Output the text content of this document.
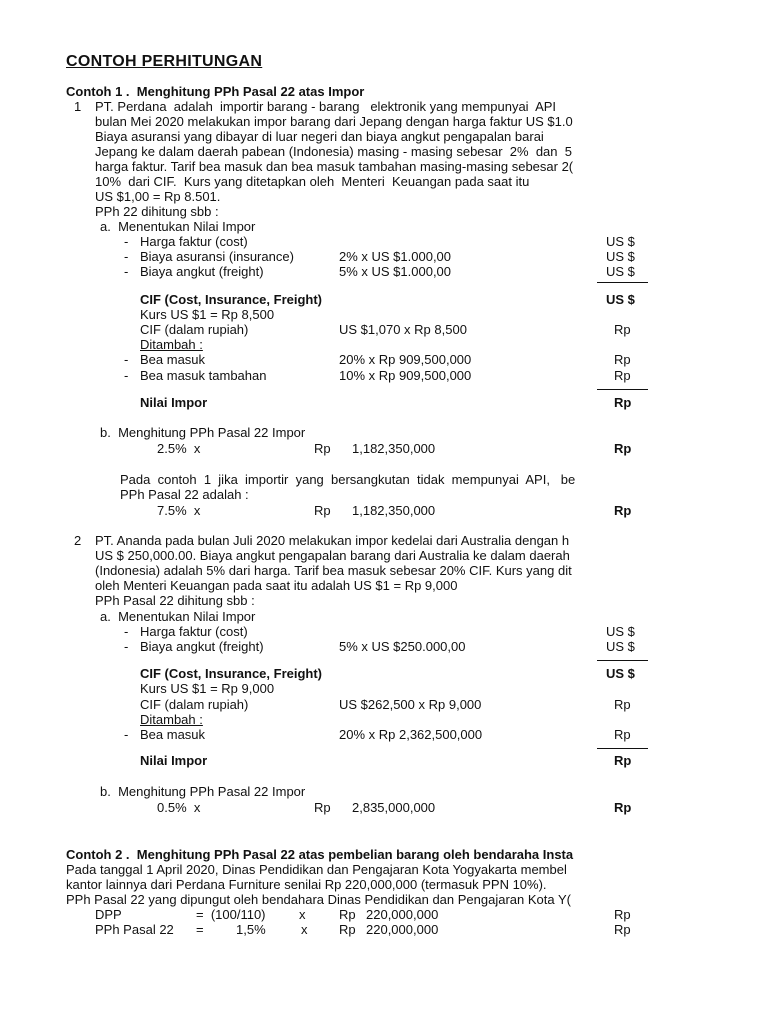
CONTOH PERHITUNGAN
Contoh 1 .  Menghitung PPh Pasal 22 atas Impor
1 PT. Perdana  adalah  importir barang - barang   elektronik yang mempunyai  API
bulan Mei 2020 melakukan impor barang dari Jepang dengan harga faktur US $1.0
Biaya asuransi yang dibayar di luar negeri dan biaya angkut pengapalan barai
Jepang ke dalam daerah pabean (Indonesia) masing - masing sebesar  2%  dan  5
harga faktur. Tarif bea masuk dan bea masuk tambahan masing-masing sebesar 2(
10%  dari CIF.  Kurs yang ditetapkan oleh  Menteri  Keuangan pada saat itu
US $1,00 = Rp 8.501.
PPh 22 dihitung sbb :
a.  Menentukan Nilai Impor
- Harga faktur (cost)	US $
- Biaya asuransi (insurance)	2% x US $1.000,00	US $
- Biaya angkut (freight)	5% x US $1.000,00	US $
CIF (Cost, Insurance, Freight)	US $
Kurs US $1 = Rp 8,500
CIF (dalam rupiah)	US $1,070 x Rp 8,500	Rp
Ditambah :
- Bea masuk	20% x Rp 909,500,000	Rp
- Bea masuk tambahan	10% x Rp 909,500,000	Rp
Nilai Impor	Rp
b.  Menghitung PPh Pasal 22 Impor
2.5%  x	Rp 1,182,350,000	Rp
Pada  contoh  1  jika  importir  yang  bersangkutan  tidak  mempunyai  API,   be
PPh Pasal 22 adalah :
7.5%  x	Rp 1,182,350,000	Rp
2 PT. Ananda pada bulan Juli 2020 melakukan impor kedelai dari Australia dengan h
US $ 250,000.00. Biaya angkut pengapalan barang dari Australia ke dalam daerah
(Indonesia) adalah 5% dari harga. Tarif bea masuk sebesar 20% CIF. Kurs yang dit
oleh Menteri Keuangan pada saat itu adalah US $1 = Rp 9,000
PPh Pasal 22 dihitung sbb :
a.  Menentukan Nilai Impor
- Harga faktur (cost)	US $
- Biaya angkut (freight)	5% x US $250.000,00	US $
CIF (Cost, Insurance, Freight)	US $
Kurs US $1 = Rp 9,000
CIF (dalam rupiah)	US $262,500 x Rp 9,000	Rp
Ditambah :
- Bea masuk	20% x Rp 2,362,500,000	Rp
Nilai Impor	Rp
b.  Menghitung PPh Pasal 22 Impor
0.5%  x	Rp 2,835,000,000	Rp
Contoh 2 .  Menghitung PPh Pasal 22 atas pembelian barang oleh bendaraha Insta
Pada tanggal 1 April 2020, Dinas Pendidikan dan Pengajaran Kota Yogyakarta membel
kantor lainnya dari Perdana Furniture senilai Rp 220,000,000 (termasuk PPN 10%).
PPh Pasal 22 yang dipungut oleh bendahara Dinas Pendidikan dan Pengajaran Kota Y(
DPP	=  (100/110)	x	Rp 220,000,000	Rp
PPh Pasal 22 = 1,5%	x Rp 220,000,000	Rp
